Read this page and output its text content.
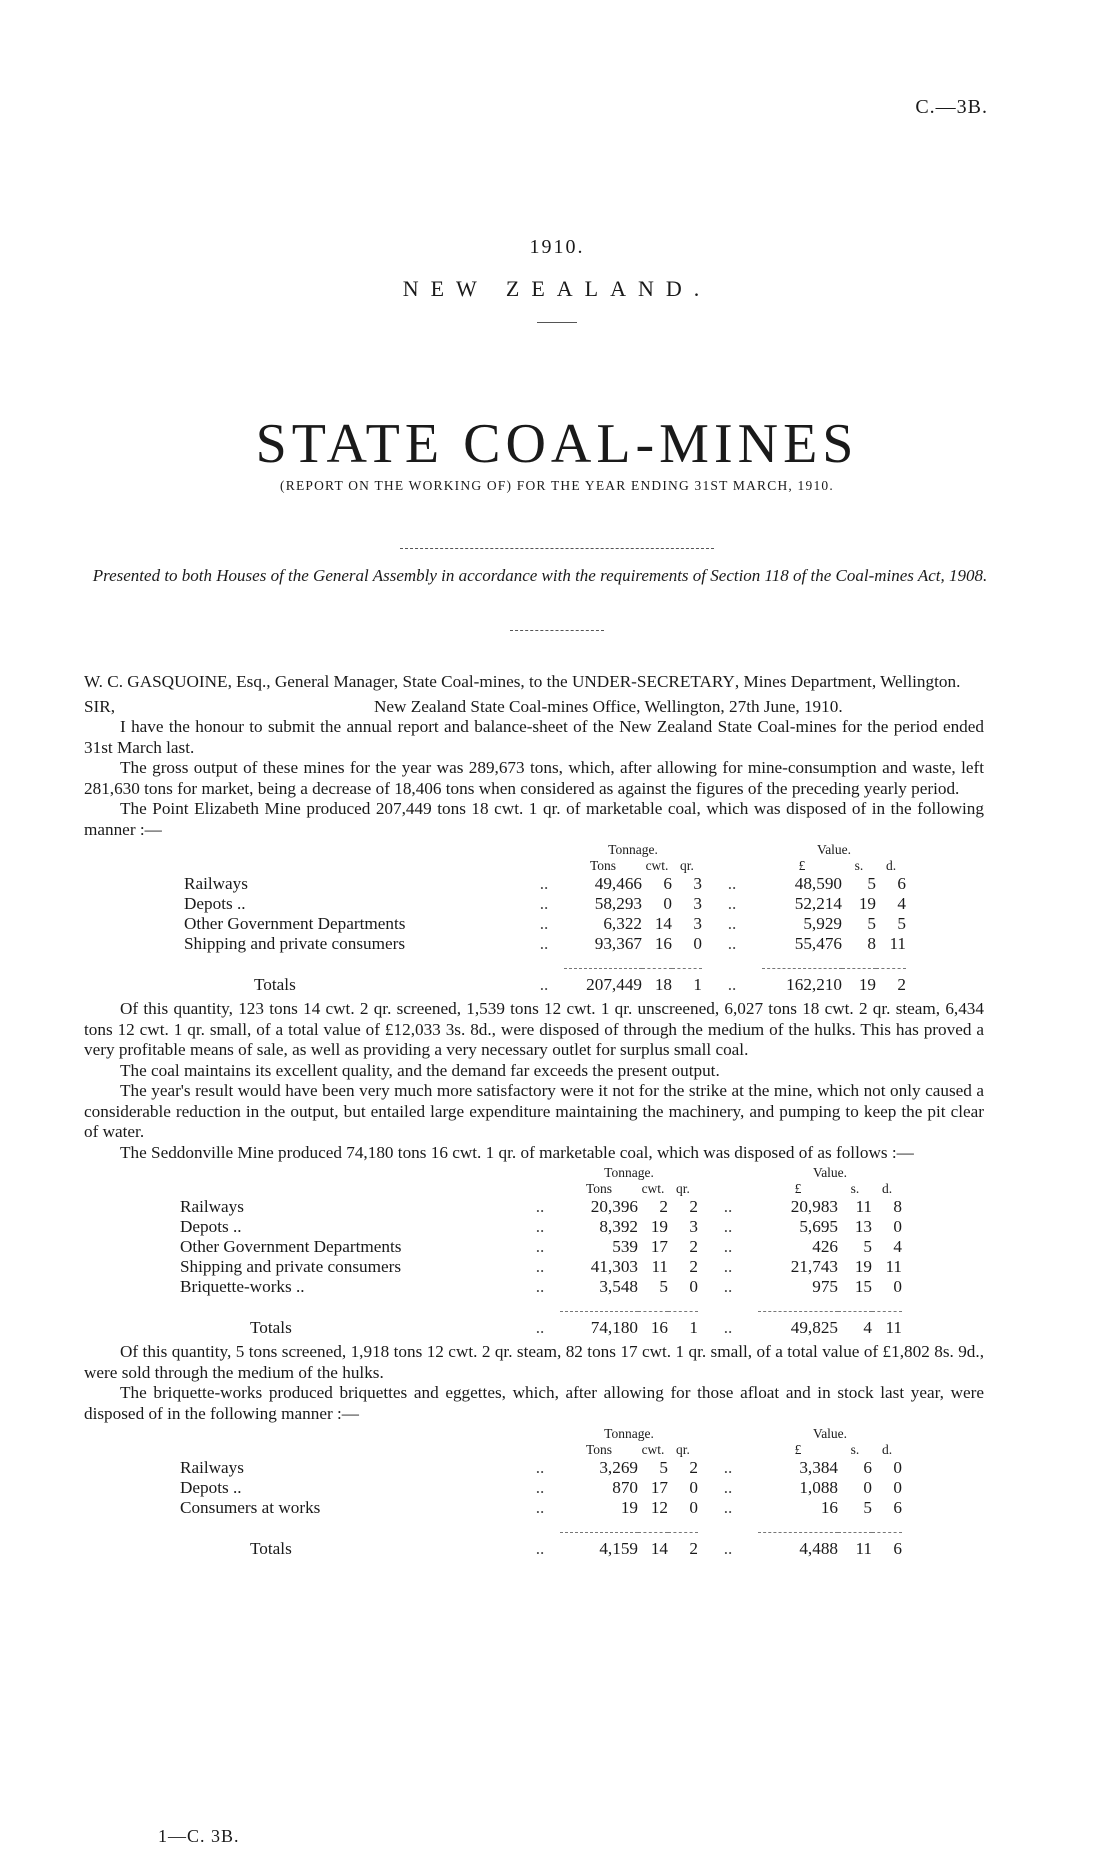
C.—3B.
1910.
NEW ZEALAND.
STATE COAL-MINES
(REPORT ON THE WORKING OF) FOR THE YEAR ENDING 31ST MARCH, 1910.
Presented to both Houses of the General Assembly in accordance with the requirements of Section 118 of the Coal-mines Act, 1908.

W. C. GASQUOINE, Esq., General Manager, State Coal-mines, to the UNDER-SECRETARY, Mines Department, Wellington.

SIR,	New Zealand State Coal-mines Office, Wellington, 27th June, 1910.

I have the honour to submit the annual report and balance-sheet of the New Zealand State Coal-mines for the period ended 31st March last.

The gross output of these mines for the year was 289,673 tons, which, after allowing for mine-consumption and waste, left 281,630 tons for market, being a decrease of 18,406 tons when considered as against the figures of the preceding yearly period.

The Point Elizabeth Mine produced 207,449 tons 18 cwt. 1 qr. of marketable coal, which was disposed of in the following manner :—

		Tonnage.				Value.		
		Tons	cwt.	qr.		£	s.	d.
Railways	..	49,466	6	3	..	48,590	5	6
Depots ..	..	58,293	0	3	..	52,214	19	4
Other Government Departments	..	6,322	14	3	..	5,929	5	5
Shipping and private consumers	..	93,367	16	0	..	55,476	8	11

Totals	..	207,449	18	1	..	162,210	19	2

Of this quantity, 123 tons 14 cwt. 2 qr. screened, 1,539 tons 12 cwt. 1 qr. unscreened, 6,027 tons 18 cwt. 2 qr. steam, 6,434 tons 12 cwt. 1 qr. small, of a total value of £12,033 3s. 8d., were disposed of through the medium of the hulks. This has proved a very profitable means of sale, as well as providing a very necessary outlet for surplus small coal.

The coal maintains its excellent quality, and the demand far exceeds the present output.

The year's result would have been very much more satisfactory were it not for the strike at the mine, which not only caused a considerable reduction in the output, but entailed large expenditure maintaining the machinery, and pumping to keep the pit clear of water.

The Seddonville Mine produced 74,180 tons 16 cwt. 1 qr. of marketable coal, which was disposed of as follows :—

		Tonnage.				Value.		
		Tons	cwt.	qr.		£	s.	d.
Railways	..	20,396	2	2	..	20,983	11	8
Depots ..	..	8,392	19	3	..	5,695	13	0
Other Government Departments	..	539	17	2	..	426	5	4
Shipping and private consumers	..	41,303	11	2	..	21,743	19	11
Briquette-works ..	..	3,548	5	0	..	975	15	0

Totals	..	74,180	16	1	..	49,825	4	11

Of this quantity, 5 tons screened, 1,918 tons 12 cwt. 2 qr. steam, 82 tons 17 cwt. 1 qr. small, of a total value of £1,802 8s. 9d., were sold through the medium of the hulks.

The briquette-works produced briquettes and eggettes, which, after allowing for those afloat and in stock last year, were disposed of in the following manner :—

		Tonnage.				Value.		
		Tons	cwt.	qr.		£	s.	d.
Railways	..	3,269	5	2	..	3,384	6	0
Depots ..	..	870	17	0	..	1,088	0	0
Consumers at works	..	19	12	0	..	16	5	6

Totals	..	4,159	14	2	..	4,488	11	6
1—C. 3B.
